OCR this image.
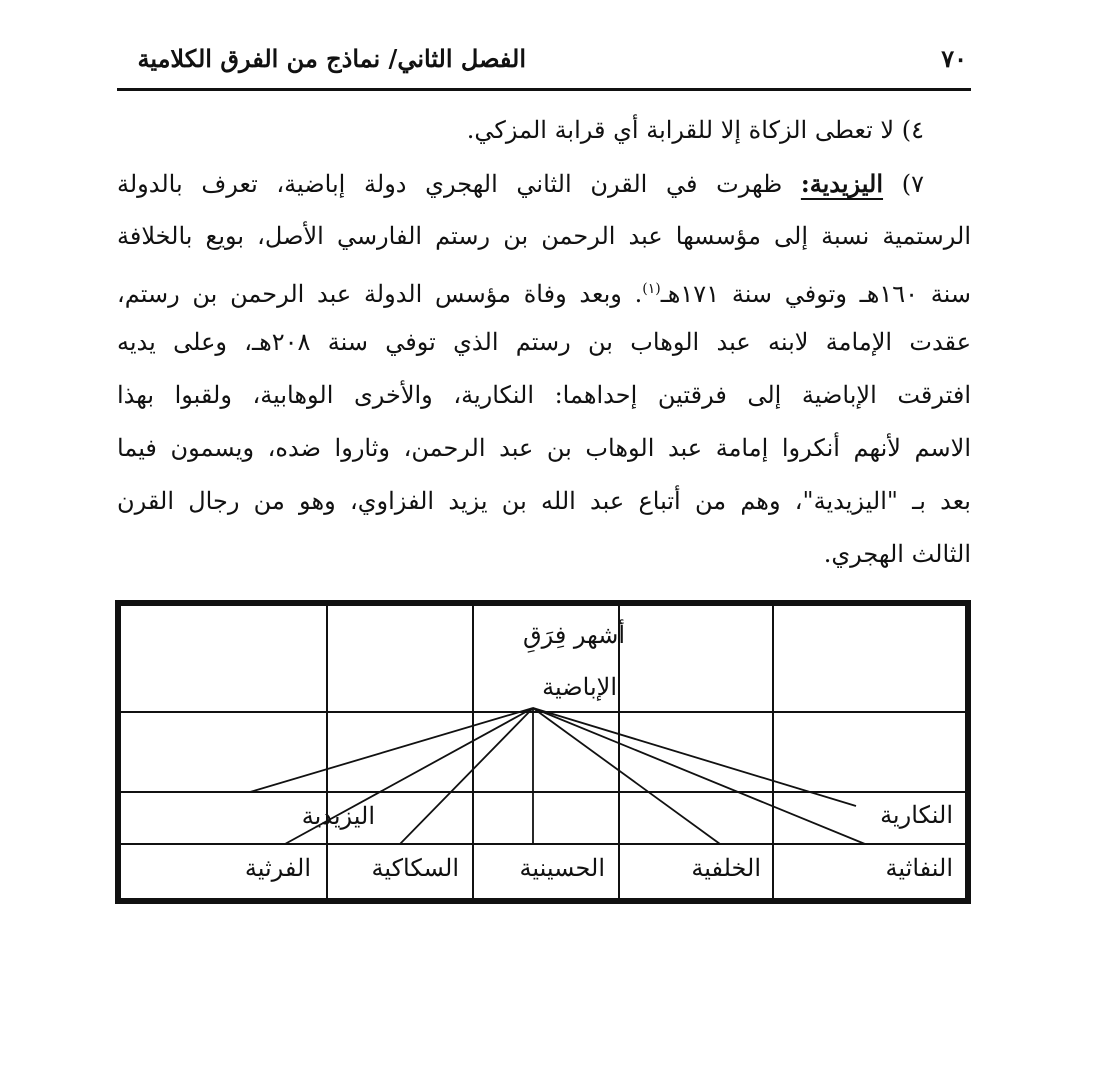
٧٠
الفصل الثاني/ نماذج من الفرق الكلامية
٤) لا تعطى الزكاة إلا للقرابة أي قرابة المزكي.
٧) اليزيدية: ظهرت في القرن الثاني الهجري دولة إباضية، تعرف بالدولة
الرستمية نسبة إلى مؤسسها عبد الرحمن بن رستم الفارسي الأصل، بويع بالخلافة
سنة ١٦٠هـ وتوفي سنة ١٧١هـ$^{(١)}$. وبعد وفاة مؤسس الدولة عبد الرحمن بن رستم،
عقدت الإمامة لابنه عبد الوهاب بن رستم الذي توفي سنة ٢٠٨هـ، وعلى يديه
افترقت الإباضية إلى فرقتين إحداهما: النكارية، والأخرى الوهابية، ولقبوا بهذا
الاسم لأنهم أنكروا إمامة عبد الوهاب بن عبد الرحمن، وثاروا ضده، ويسمون فيما
بعد بـ "اليزيدية"، وهم من أتباع عبد الله بن يزيد الفزاوي، وهو من رجال القرن
الثالث الهجري.
أشهر فِرَقِ
الإباضية
النكارية
اليزيدية
النفاثية
الخلفية
الحسينية
السكاكية
الفرثية
